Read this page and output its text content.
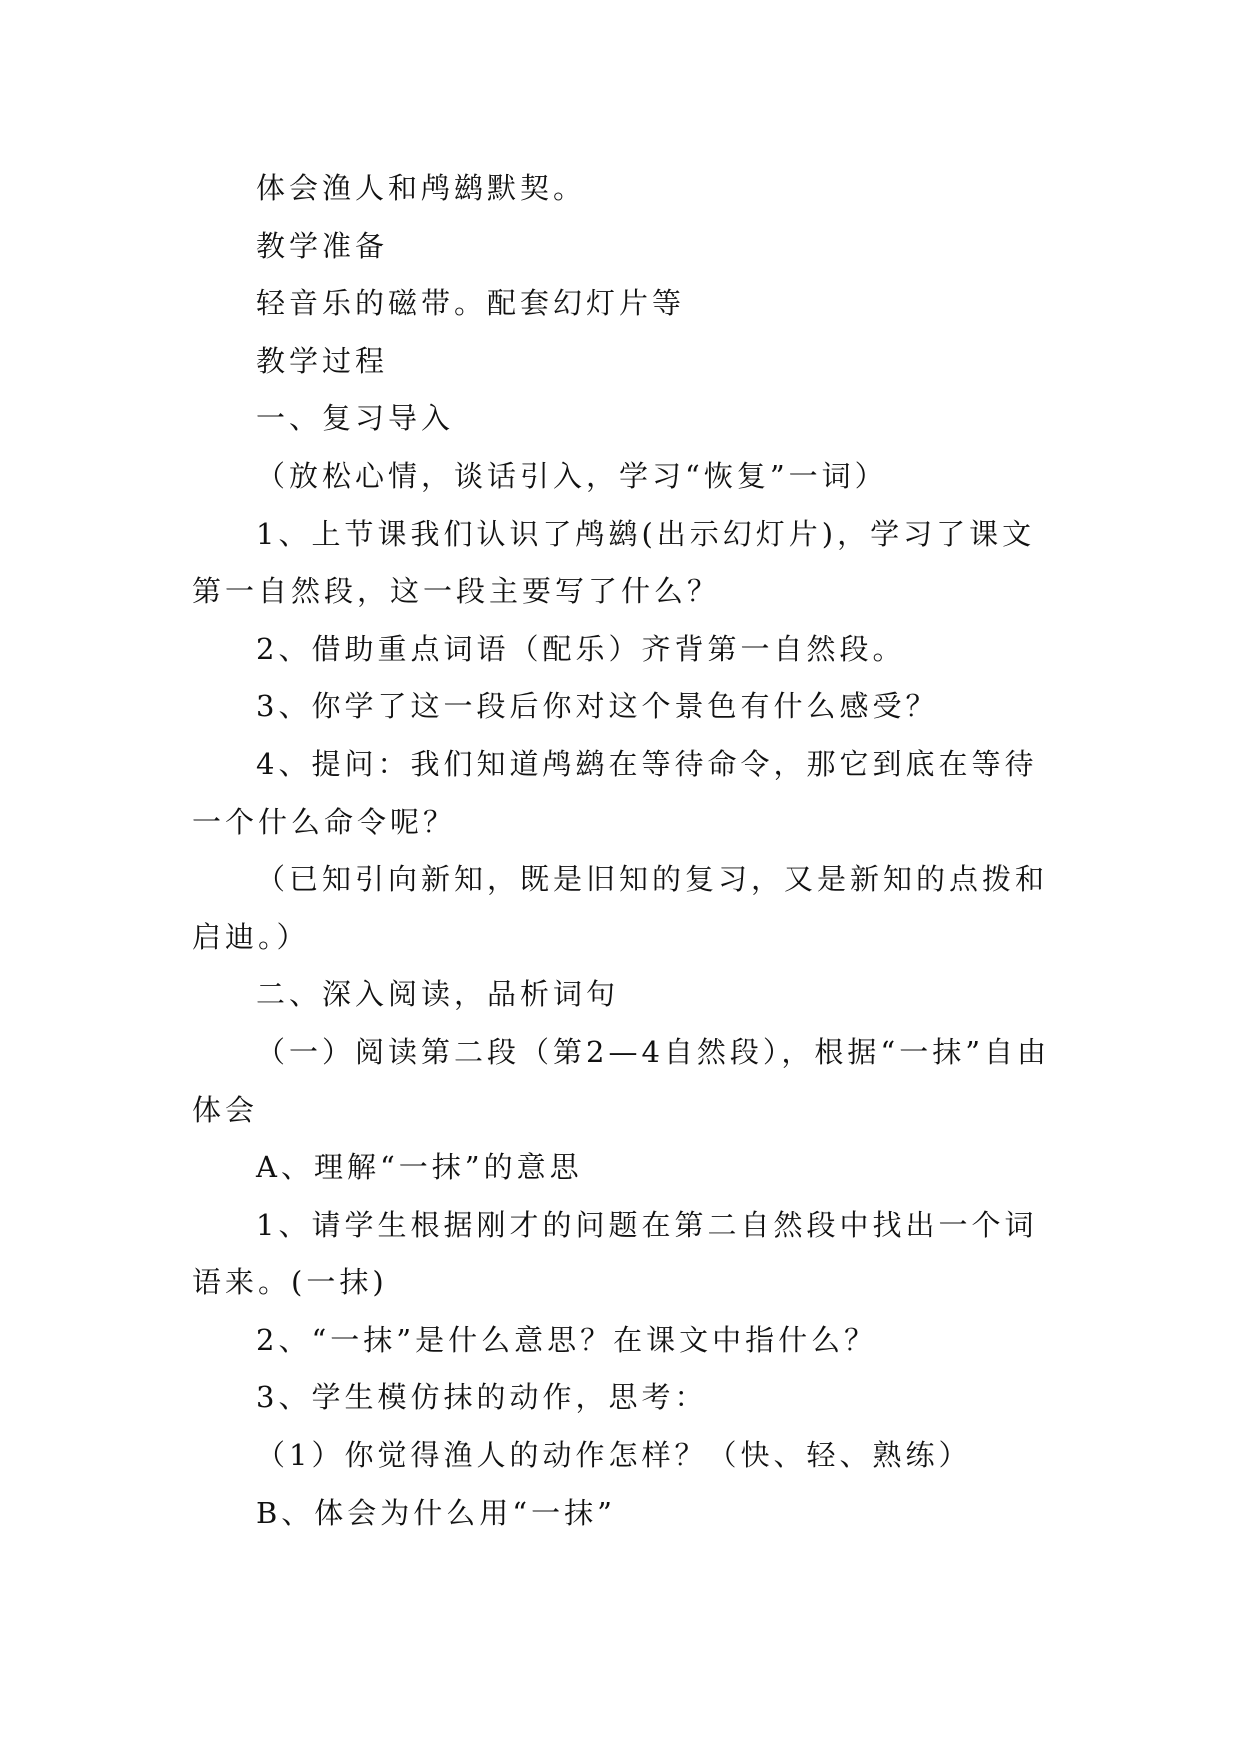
体会渔人和鸬鹚默契。

教学准备

轻音乐的磁带。配套幻灯片等

教学过程

一、复习导入

（放松心情，谈话引入，学习“恢复”一词）

1、上节课我们认识了鸬鹚(出示幻灯片)，学习了课文第一自然段，这一段主要写了什么？

2、借助重点词语（配乐）齐背第一自然段。

3、你学了这一段后你对这个景色有什么感受？

4、提问：我们知道鸬鹚在等待命令，那它到底在等待一个什么命令呢？

（已知引向新知，既是旧知的复习，又是新知的点拨和启迪。）

二、深入阅读，品析词句

（一）阅读第二段（第2—4自然段），根据“一抹”自由体会

A、理解“一抹”的意思

1、请学生根据刚才的问题在第二自然段中找出一个词语来。(一抹)

2、“一抹”是什么意思？在课文中指什么？

3、学生模仿抹的动作，思考：

（1）你觉得渔人的动作怎样？（快、轻、熟练）

B、体会为什么用“一抹”
